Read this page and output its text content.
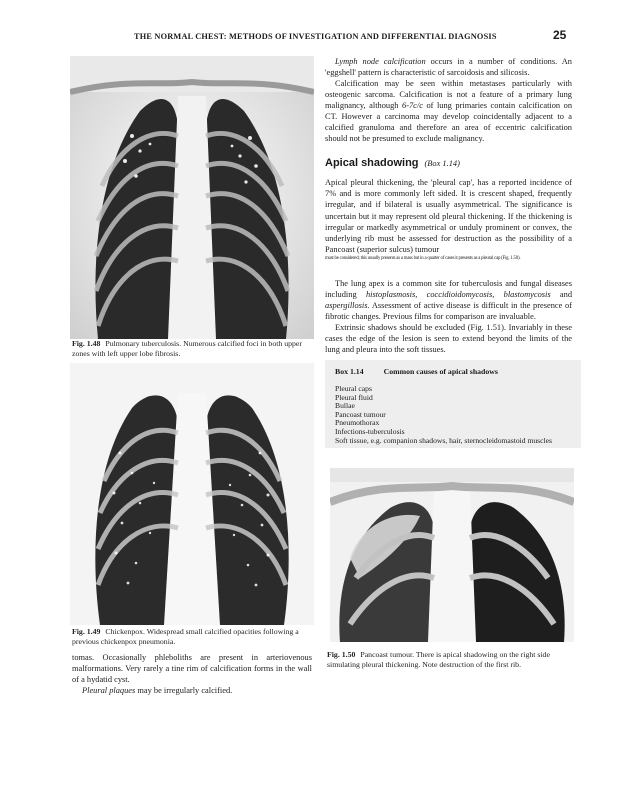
THE NORMAL CHEST: METHODS OF INVESTIGATION AND DIFFERENTIAL DIAGNOSIS	25
Fig. 1.48 Pulmonary tuberculosis. Numerous calcified foci in both upper zones with left upper lobe fibrosis.
Fig. 1.49 Chickenpox. Widespread small calcified opacities following a previous chickenpox pneumonia.

tomas. Occasionally phleboliths are present in arteriovenous malformations. Very rarely a tine rim of calcification forms in the wall of a hydatid cyst.

Pleural plaques may be irregularly calcified.

Lymph node calcification occurs in a number of conditions. An 'eggshell' pattern is characteristic of sarcoidosis and silicosis.

Calcification may be seen within metastases particularly with osteogenic sarcoma. Calcification is not a feature of a primary lung malignancy, although 6-7c/c of lung primaries contain calcification on CT. However a carcinoma may develop coincidentally adjacent to a calcified granuloma and therefore an area of eccentric calcification should not be presumed to exclude malignancy.

Apical shadowing (Box 1.14)

Apical pleural thickening, the 'pleural cap', has a reported incidence of 7% and is more commonly left sided. It is crescent shaped, frequently irregular, and if bilateral is usually asymmetrical. The significance is uncertain but it may represent old pleural thickening. If the thickening is irregular or markedly asymmetrical or unduly prominent or convex, the underlying rib must be assessed for destruction as the possibility of a Pancoast (superior sulcus) tumour

must be considered; this usually presents as a mass but in a quarter of cases it presents as a pleural cap (Fig. 1.50).

The lung apex is a common site for tuberculosis and fungal diseases including histoplasmosis, coccidioidomycosis, blastomycosis and aspergillosis. Assessment of active disease is difficult in the presence of fibrotic changes. Previous films for comparison are invaluable.

Extrinsic shadows should be excluded (Fig. 1.51). Invariably in these cases the edge of the lesion is seen to extend beyond the limits of the lung and pleura into the soft tissues.

Box 1.14	Common causes of apical shadows
Pleural caps
Pleural fluid
Bullae
Pancoast tumour
Pneumothorax
Infections-tuberculosis
Soft tissue, e.g. companion shadows, hair, sternocleidomastoid muscles
Fig. 1.50 Pancoast tumour. There is apical shadowing on the right side simulating pleural thickening. Note destruction of the first rib.
